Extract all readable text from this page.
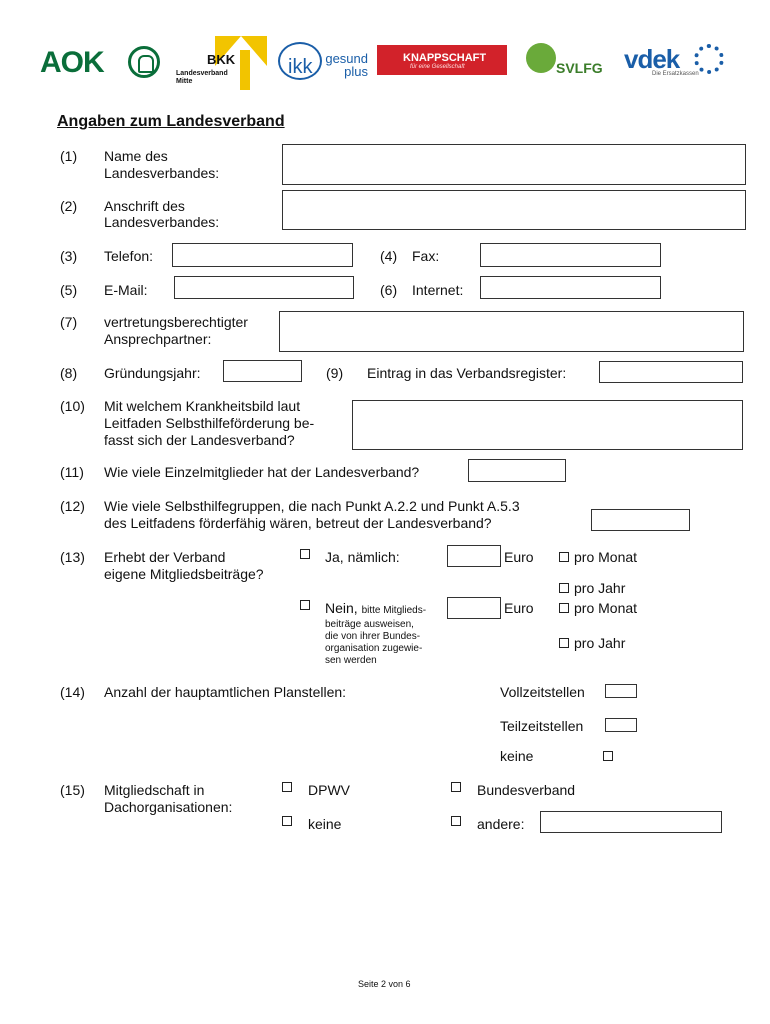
AOK	BKK
Landesverband Mitte
ikk gesund plus
KNAPPSCHAFT
für eine Gesellschaft	SVLFG vdek
Die Ersatzkassen
Angaben zum Landesverband
(1) Name des
Landesverbandes:
(2) Anschrift des
Landesverbandes:
(3) Telefon:	(4) Fax:
(5) E-Mail:	(6) Internet:
(7) vertretungsberechtigter
Ansprechpartner:
(8) Gründungsjahr:	(9) Eintrag in das Verbandsregister:
(10) Mit welchem Krankheitsbild laut
Leitfaden Selbsthilfeförderung be-
fasst sich der Landesverband?
(11) Wie viele Einzelmitglieder hat der Landesverband?
(12) Wie viele Selbsthilfegruppen, die nach Punkt A.2.2 und Punkt A.5.3
des Leitfadens förderfähig wären, betreut der Landesverband?
(13) Erhebt der Verband
eigene Mitgliedsbeiträge?
Ja, nämlich:	Euro	pro Monat
pro Jahr
Nein, bitte Mitglieds-
beiträge ausweisen,
die von ihrer Bundes-
organisation zugewie-
sen werden
Euro	pro Monat
pro Jahr
(14) Anzahl der hauptamtlichen Planstellen:	Vollzeitstellen
Teilzeitstellen
keine
(15) Mitgliedschaft in
Dachorganisationen:
DPWV	Bundesverband
keine	andere:
Seite 2 von 6
